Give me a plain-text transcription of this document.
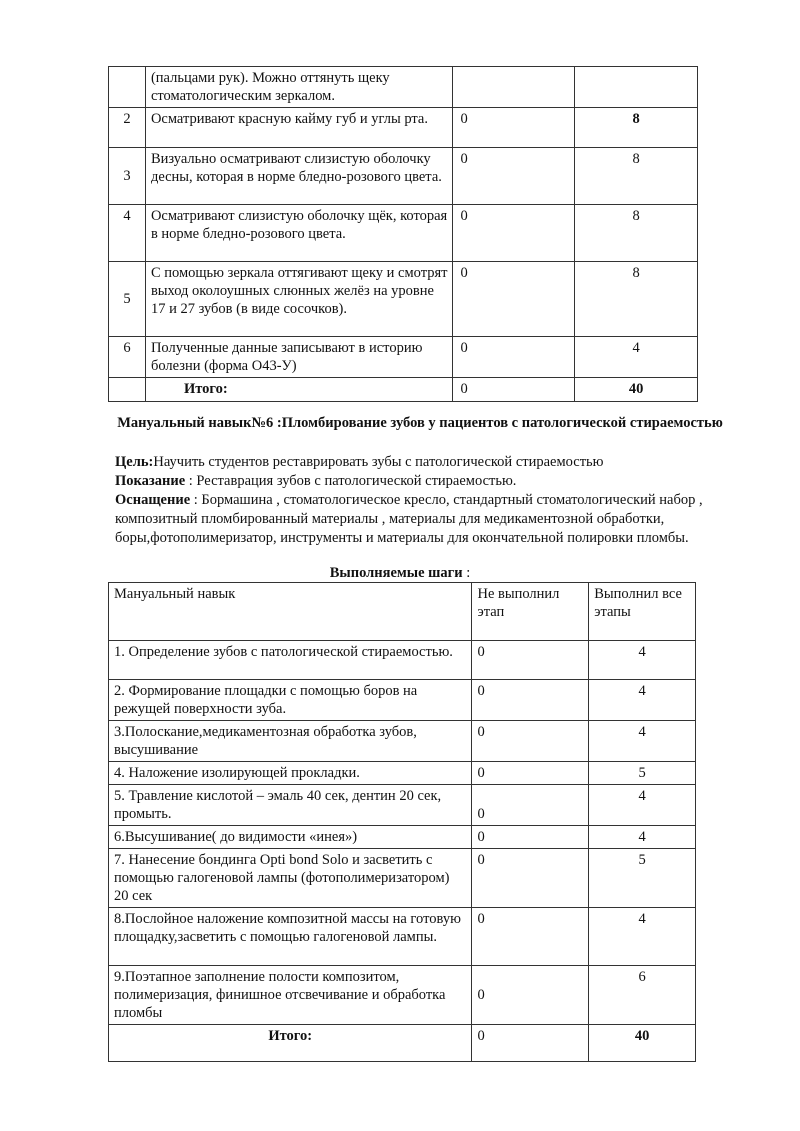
	(пальцами рук). Можно оттянуть щеку стоматологическим зеркалом.		
2	Осматривают красную кайму губ и углы рта.	0	8
3	Визуально осматривают слизистую оболочку десны, которая в норме бледно-розового цвета.	0	8
4	Осматривают слизистую оболочку щёк, которая в норме бледно-розового цвета.	0	8
5	С помощью зеркала оттягивают щеку и смотрят выход околоушных слюнных желёз на уровне 17 и 27 зубов (в виде сосочков).	0	8
6	Полученные данные записывают в историю болезни (форма О43-У)	0	4
	Итого:	0	40
Мануальный навык№6 :Пломбирование зубов у пациентов с патологической стираемостью
Цель:Научить студентов реставрировать зубы с патологической стираемостью
Показание : Реставрация зубов с патологической стираемостью.
Оснащение : Бормашина , стоматологическое кресло, стандартный стоматологический набор , композитный пломбированный материалы , материалы для медикаментозной обработки, боры,фотополимеризатор, инструменты и материалы для окончательной полировки пломбы.
Выполняемые шаги :
Мануальный навык	Не выполнил этап	Выполнил все этапы
1. Определение зубов с патологической стираемостью.	0	4
2. Формирование площадки с помощью боров на режущей поверхности зуба.	0	4
3.Полоскание,медикаментозная обработка зубов, высушивание	0	4
4. Наложение изолирующей прокладки.	0	5
5. Травление кислотой – эмаль 40 сек, дентин 20 сек, промыть.	0	4
6.Высушивание( до видимости «инея»)	0	4
7. Нанесение бондинга Opti bond Solo и засветить с помощью галогеновой лампы (фотополимеризатором) 20 сек	0	5
8.Послойное наложение композитной массы на готовую площадку,засветить с помощью галогеновой лампы.	0	4
9.Поэтапное заполнение полости композитом, полимеризация, финишное отсвечивание и обработка пломбы	0	6
Итого:	0	40
